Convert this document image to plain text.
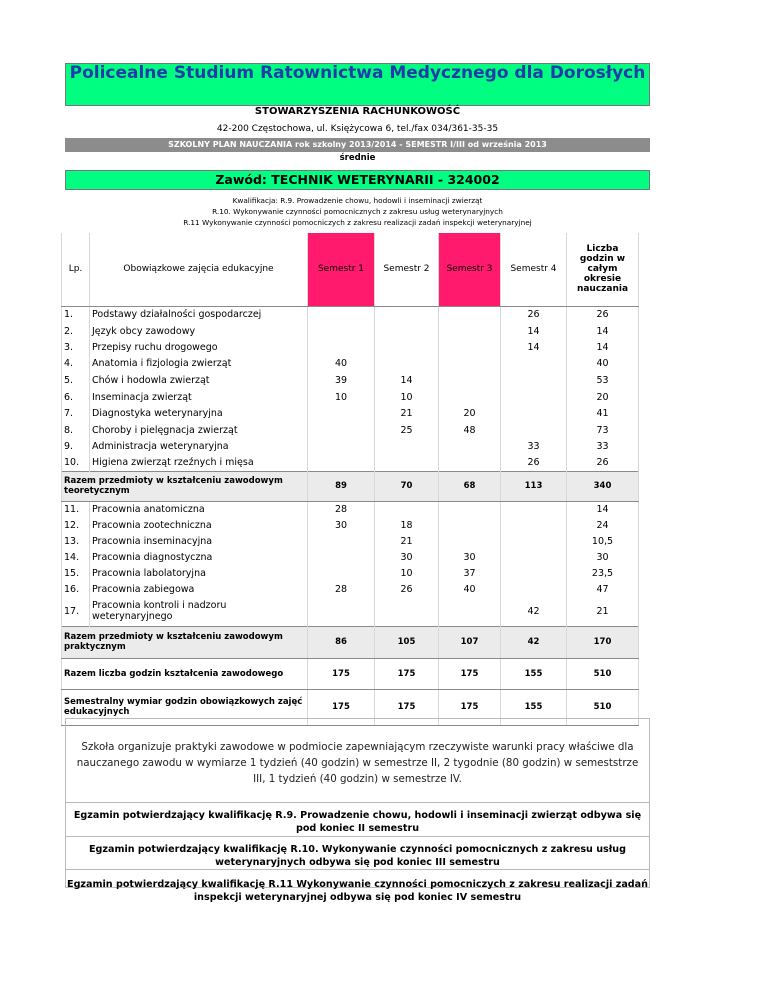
Policealne Studium Ratownictwa Medycznego dla Dorosłych
STOWARZYSZENIA RACHUNKOWOŚĆ
42-200 Częstochowa, ul. Księżycowa 6, tel./fax 034/361-35-35
SZKOLNY PLAN NAUCZANIA rok szkolny 2013/2014 - SEMESTR I/III od września 2013
średnie
Zawód: TECHNIK WETERYNARII - 324002
Kwalifikacja: R.9. Prowadzenie chowu, hodowli i inseminacji zwierząt
R.10. Wykonywanie czynności pomocnicznych z zakresu usług weterynaryjnych
R.11 Wykonywanie czynności pomocniczych z zakresu realizacji zadań inspekcji weterynaryjnej
Lp.	Obowiązkowe zajęcia edukacyjne	Semestr 1	Semestr 2	Semestr 3	Semestr 4	Liczba godzin w całym okresie nauczania
1.	Podstawy działalności gospodarczej				26	26
2.	Język obcy zawodowy				14	14
3.	Przepisy ruchu drogowego				14	14
4.	Anatomia i fizjologia zwierząt	40				40
5.	Chów i hodowla zwierząt	39	14			53
6.	Inseminacja zwierząt	10	10			20
7.	Diagnostyka weterynaryjna		21	20		41
8.	Choroby i pielęgnacja zwierząt		25	48		73
9.	Administracja weterynaryjna				33	33
10.	Higiena zwierząt rzeźnych i mięsa				26	26
Razem przedmioty w kształceniu zawodowym teoretycznym		89	70	68	113	340
11.	Pracownia anatomiczna	28				14
12.	Pracownia zootechniczna	30	18			24
13.	Pracownia inseminacyjna		21			10,5
14.	Pracownia diagnostyczna		30	30		30
15.	Pracownia labolatoryjna		10	37		23,5
16.	Pracownia zabiegowa	28	26	40		47
17.	Pracownia kontroli i nadzoru weterynaryjnego				42	21
Razem przedmioty w kształceniu zawodowym praktycznym		86	105	107	42	170
Razem liczba godzin kształcenia zawodowego		175	175	175	155	510
Semestralny wymiar godzin obowiązkowych zajęć edukacyjnych		175	175	175	155	510
Szkoła organizuje praktyki zawodowe w podmiocie zapewniającym rzeczywiste warunki pracy właściwe dla nauczanego zawodu w wymiarze 1 tydzień (40 godzin) w semestrze II, 2 tygodnie (80 godzin) w semeststrze III, 1 tydzień (40 godzin) w semestrze IV.
Egzamin potwierdzający kwalifikację R.9. Prowadzenie chowu, hodowli i inseminacji zwierząt odbywa się pod koniec II semestru
Egzamin potwierdzający kwalifikację R.10. Wykonywanie czynności pomocnicznych z zakresu usług weterynaryjnych odbywa się pod koniec III semestru
Egzamin potwierdzający kwalifikację R.11 Wykonywanie czynności pomocniczych z zakresu realizacji zadań inspekcji weterynaryjnej odbywa się pod koniec IV semestru
